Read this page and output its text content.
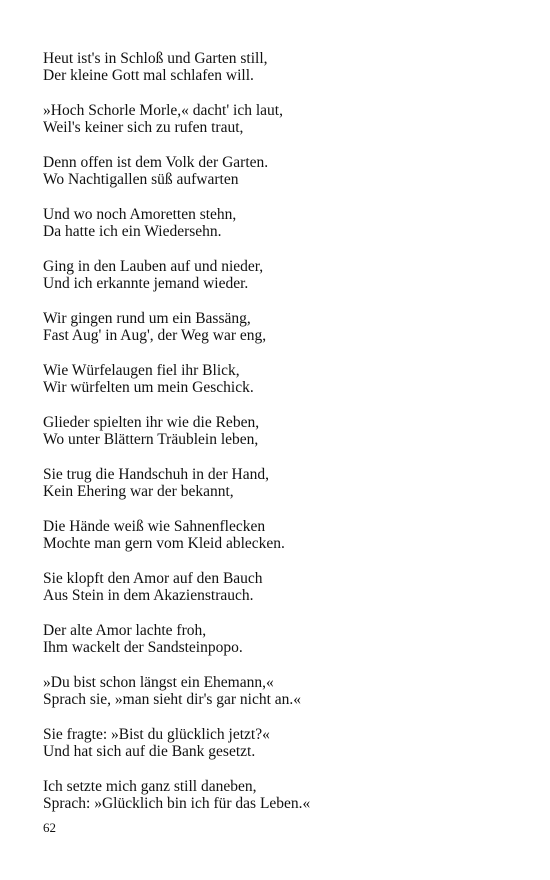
Heut ist's in Schloß und Garten still,
Der kleine Gott mal schlafen will.
»Hoch Schorle Morle,« dacht' ich laut,
Weil's keiner sich zu rufen traut,
Denn offen ist dem Volk der Garten.
Wo Nachtigallen süß aufwarten
Und wo noch Amoretten stehn,
Da hatte ich ein Wiedersehn.
Ging in den Lauben auf und nieder,
Und ich erkannte jemand wieder.
Wir gingen rund um ein Bassäng,
Fast Aug' in Aug', der Weg war eng,
Wie Würfelaugen fiel ihr Blick,
Wir würfelten um mein Geschick.
Glieder spielten ihr wie die Reben,
Wo unter Blättern Träublein leben,
Sie trug die Handschuh in der Hand,
Kein Ehering war der bekannt,
Die Hände weiß wie Sahnenflecken
Mochte man gern vom Kleid ablecken.
Sie klopft den Amor auf den Bauch
Aus Stein in dem Akazienstrauch.
Der alte Amor lachte froh,
Ihm wackelt der Sandsteinpopo.
»Du bist schon längst ein Ehemann,«
Sprach sie, »man sieht dir's gar nicht an.«
Sie fragte: »Bist du glücklich jetzt?«
Und hat sich auf die Bank gesetzt.
Ich setzte mich ganz still daneben,
Sprach: »Glücklich bin ich für das Leben.«
62
